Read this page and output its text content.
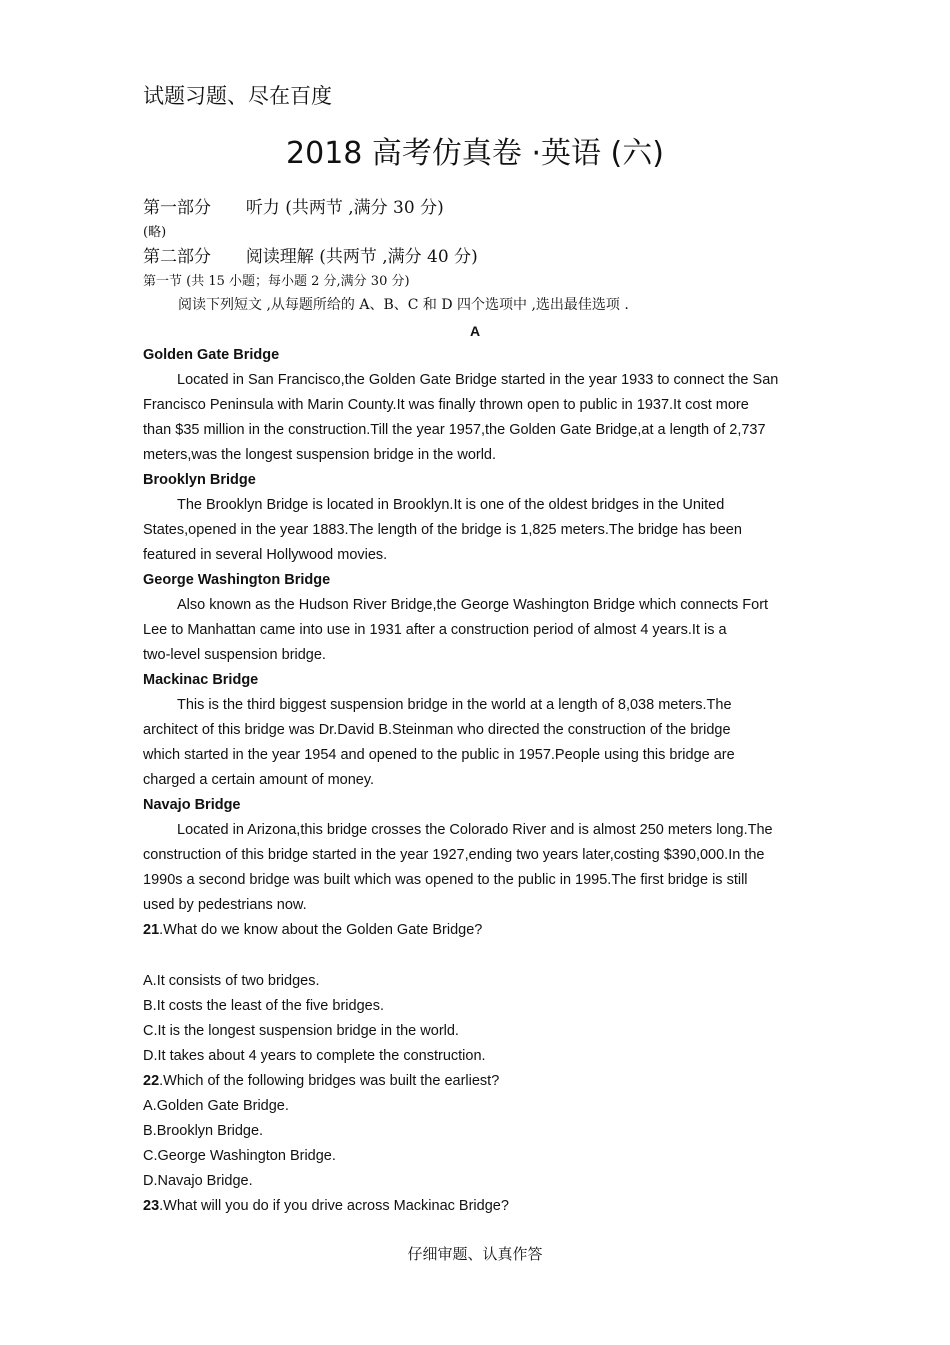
试题习题、尽在百度
2018 高考仿真卷 ·英语 (六)
第一部分 听力 (共两节 ,满分 30 分)
(略)
第二部分 阅读理解 (共两节 ,满分 40 分)
第一节 (共 15 小题；每小题 2 分,满分 30 分)
阅读下列短文 ,从每题所给的 A、B、C 和 D 四个选项中 ,选出最佳选项 .
A
Golden Gate Bridge
Located in San Francisco,the Golden Gate Bridge started in the year 1933 to connect the San
Francisco Peninsula with Marin County.It was finally thrown open to public in 1937.It cost more
than $35 million in the construction.Till the year 1957,the Golden Gate Bridge,at a length of 2,737
meters,was the longest suspension bridge in the world.
Brooklyn Bridge
The Brooklyn Bridge is located in Brooklyn.It is one of the oldest bridges in the United
States,opened in the year 1883.The length of the bridge is 1,825 meters.The bridge has been
featured in several Hollywood movies.
George Washington Bridge
Also known as the Hudson River Bridge,the George Washington Bridge which connects Fort
Lee to Manhattan came into use in 1931 after a construction period of almost 4 years.It is a
two-level suspension bridge.
Mackinac Bridge
This is the third biggest suspension bridge in the world at a length of 8,038 meters.The
architect of this bridge was Dr.David B.Steinman who directed the construction of the bridge
which started in the year 1954 and opened to the public in 1957.People using this bridge are
charged a certain amount of money.
Navajo Bridge
Located in Arizona,this bridge crosses the Colorado River and is almost 250 meters long.The
construction of this bridge started in the year 1927,ending two years later,costing $390,000.In the
1990s a second bridge was built which was opened to the public in 1995.The first bridge is still
used by pedestrians now.
21.What do we know about the Golden Gate Bridge?
A.It consists of two bridges.
B.It costs the least of the five bridges.
C.It is the longest suspension bridge in the world.
D.It takes about 4 years to complete the construction.
22.Which of the following bridges was built the earliest?
A.Golden Gate Bridge.
B.Brooklyn Bridge.
C.George Washington Bridge.
D.Navajo Bridge.
23.What will you do if you drive across Mackinac Bridge?
仔细审题、认真作答
